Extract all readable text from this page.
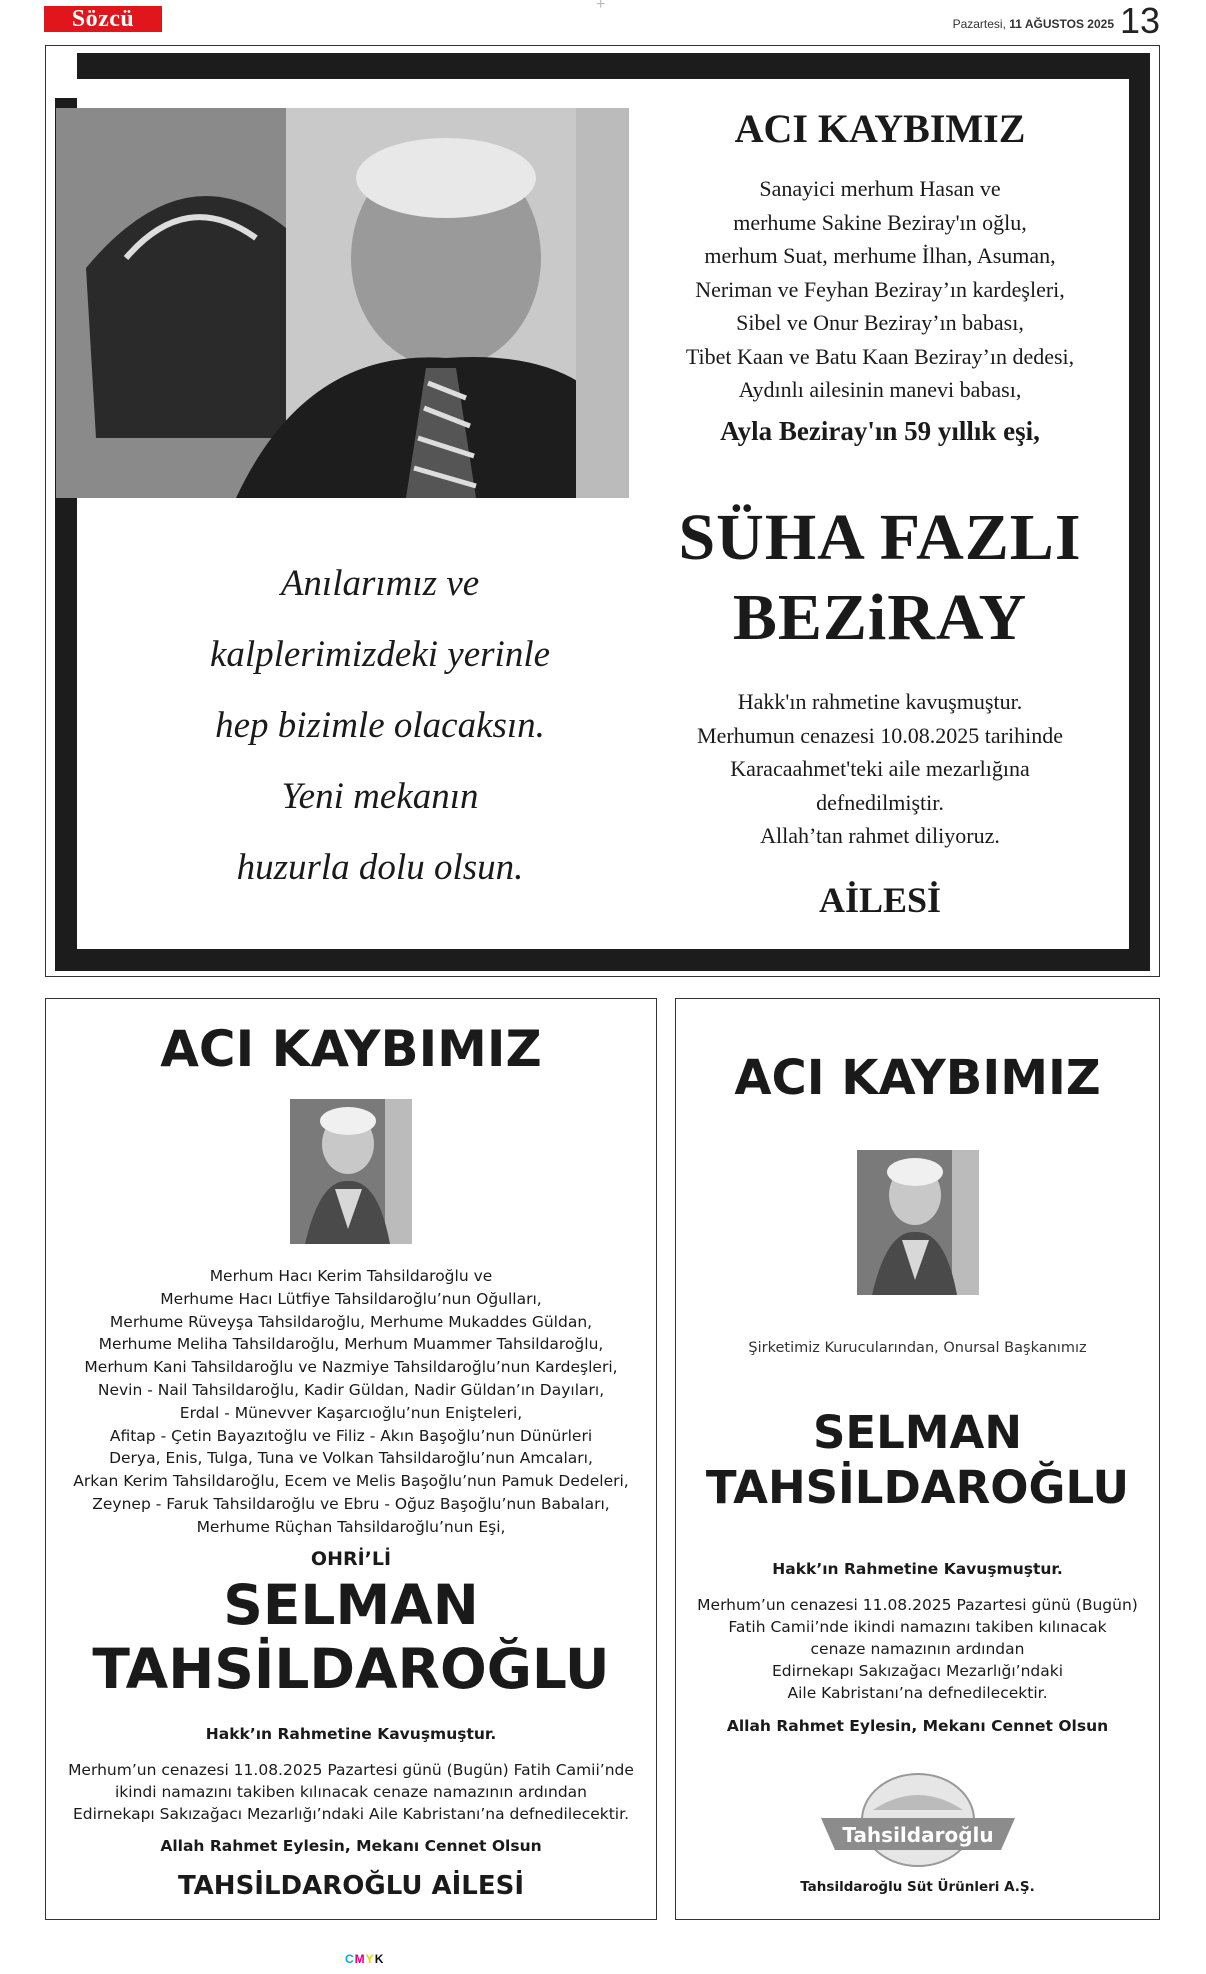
+
Sözcü	Pazartesi, 11 AĞUSTOS 2025 13
ACI KAYBIMIZ
Sanayici merhum Hasan ve
merhume Sakine Beziray'ın oğlu,
merhum Suat, merhume İlhan, Asuman,
Neriman ve Feyhan Beziray’ın kardeşleri,
Sibel ve Onur Beziray’ın babası,
Tibet Kaan ve Batu Kaan Beziray’ın dedesi,
Aydınlı ailesinin manevi babası,
Ayla Beziray'ın 59 yıllık eşi,
SÜHA FAZLI
BEZiRAY
Hakk'ın rahmetine kavuşmuştur.
Merhumun cenazesi 10.08.2025 tarihinde
Karacaahmet'teki aile mezarlığına
defnedilmiştir.
Allah’tan rahmet diliyoruz.
AİLESİ
Anılarımız ve
kalplerimizdeki yerinle
hep bizimle olacaksın.
Yeni mekanın
huzurla dolu olsun.
ACI KAYBIMIZ
Merhum Hacı Kerim Tahsildaroğlu ve
Merhume Hacı Lütfiye Tahsildaroğlu’nun Oğulları,
Merhume Rüveyşa Tahsildaroğlu, Merhume Mukaddes Güldan,
Merhume Meliha Tahsildaroğlu, Merhum Muammer Tahsildaroğlu,
Merhum Kani Tahsildaroğlu ve Nazmiye Tahsildaroğlu’nun Kardeşleri,
Nevin - Nail Tahsildaroğlu, Kadir Güldan, Nadir Güldan’ın Dayıları,
Erdal - Münevver Kaşarcıoğlu’nun Enişteleri,
Afitap - Çetin Bayazıtoğlu ve Filiz - Akın Başoğlu’nun Dünürleri
Derya, Enis, Tulga, Tuna ve Volkan Tahsildaroğlu’nun Amcaları,
Arkan Kerim Tahsildaroğlu, Ecem ve Melis Başoğlu’nun Pamuk Dedeleri,
Zeynep - Faruk Tahsildaroğlu ve Ebru - Oğuz Başoğlu’nun Babaları,
Merhume Rüçhan Tahsildaroğlu’nun Eşi,
OHRİ’Lİ
SELMAN
TAHSİLDAROĞLU
Hakk’ın Rahmetine Kavuşmuştur.
Merhum’un cenazesi 11.08.2025 Pazartesi günü (Bugün) Fatih Camii’nde
ikindi namazını takiben kılınacak cenaze namazının ardından
Edirnekapı Sakızağacı Mezarlığı’ndaki Aile Kabristanı’na defnedilecektir.
Allah Rahmet Eylesin, Mekanı Cennet Olsun
TAHSİLDAROĞLU AİLESİ
ACI KAYBIMIZ
Şirketimiz Kurucularından, Onursal Başkanımız
SELMAN
TAHSİLDAROĞLU
Hakk’ın Rahmetine Kavuşmuştur.
Merhum’un cenazesi 11.08.2025 Pazartesi günü (Bugün)
Fatih Camii’nde ikindi namazını takiben kılınacak
cenaze namazının ardından
Edirnekapı Sakızağacı Mezarlığı’ndaki
Aile Kabristanı’na defnedilecektir.
Allah Rahmet Eylesin, Mekanı Cennet Olsun
Tahsildaroğlu
Tahsildaroğlu Süt Ürünleri A.Ş.
CMYK
